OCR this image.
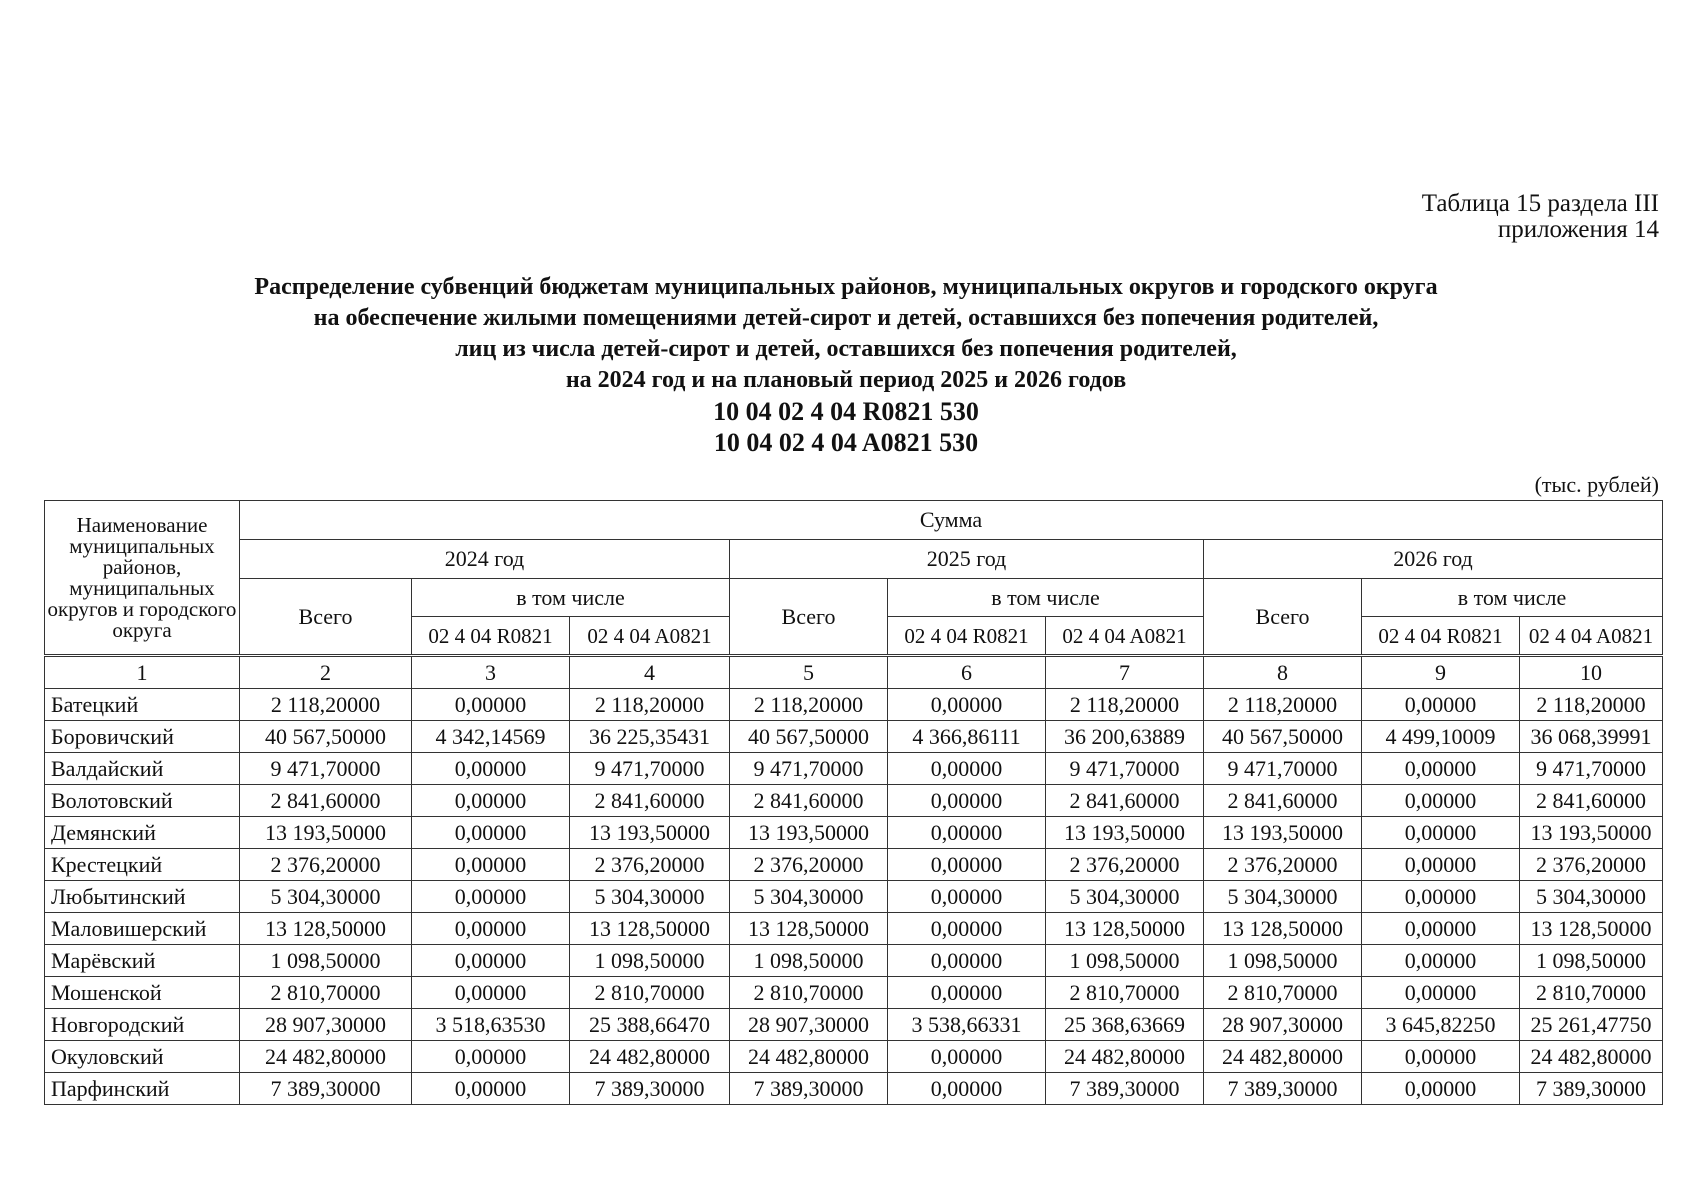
Таблица 15 раздела III
приложения 14
Распределение субвенций бюджетам муниципальных районов, муниципальных округов и городского округа
на обеспечение жилыми помещениями детей-сирот и детей, оставшихся без попечения родителей,
лиц из числа детей-сирот и детей, оставшихся без попечения родителей,
на 2024 год и на плановый период 2025 и 2026 годов
10 04 02 4 04 R0821 530
10 04 02 4 04 A0821 530
(тыс. рублей)
Наименование муниципальных районов, муниципальных округов и городского округа	Сумма								
	2024 год			2025 год			2026 год		
	Всего	в том числе		Всего	в том числе		Всего	в том числе	
		02 4 04 R0821	02 4 04 A0821		02 4 04 R0821	02 4 04 A0821		02 4 04 R0821	02 4 04 A0821
1	2	3	4	5	6	7	8	9	10
Батецкий	2 118,20000	0,00000	2 118,20000	2 118,20000	0,00000	2 118,20000	2 118,20000	0,00000	2 118,20000
Боровичский	40 567,50000	4 342,14569	36 225,35431	40 567,50000	4 366,86111	36 200,63889	40 567,50000	4 499,10009	36 068,39991
Валдайский	9 471,70000	0,00000	9 471,70000	9 471,70000	0,00000	9 471,70000	9 471,70000	0,00000	9 471,70000
Волотовский	2 841,60000	0,00000	2 841,60000	2 841,60000	0,00000	2 841,60000	2 841,60000	0,00000	2 841,60000
Демянский	13 193,50000	0,00000	13 193,50000	13 193,50000	0,00000	13 193,50000	13 193,50000	0,00000	13 193,50000
Крестецкий	2 376,20000	0,00000	2 376,20000	2 376,20000	0,00000	2 376,20000	2 376,20000	0,00000	2 376,20000
Любытинский	5 304,30000	0,00000	5 304,30000	5 304,30000	0,00000	5 304,30000	5 304,30000	0,00000	5 304,30000
Маловишерский	13 128,50000	0,00000	13 128,50000	13 128,50000	0,00000	13 128,50000	13 128,50000	0,00000	13 128,50000
Марёвский	1 098,50000	0,00000	1 098,50000	1 098,50000	0,00000	1 098,50000	1 098,50000	0,00000	1 098,50000
Мошенской	2 810,70000	0,00000	2 810,70000	2 810,70000	0,00000	2 810,70000	2 810,70000	0,00000	2 810,70000
Новгородский	28 907,30000	3 518,63530	25 388,66470	28 907,30000	3 538,66331	25 368,63669	28 907,30000	3 645,82250	25 261,47750
Окуловский	24 482,80000	0,00000	24 482,80000	24 482,80000	0,00000	24 482,80000	24 482,80000	0,00000	24 482,80000
Парфинский	7 389,30000	0,00000	7 389,30000	7 389,30000	0,00000	7 389,30000	7 389,30000	0,00000	7 389,30000
